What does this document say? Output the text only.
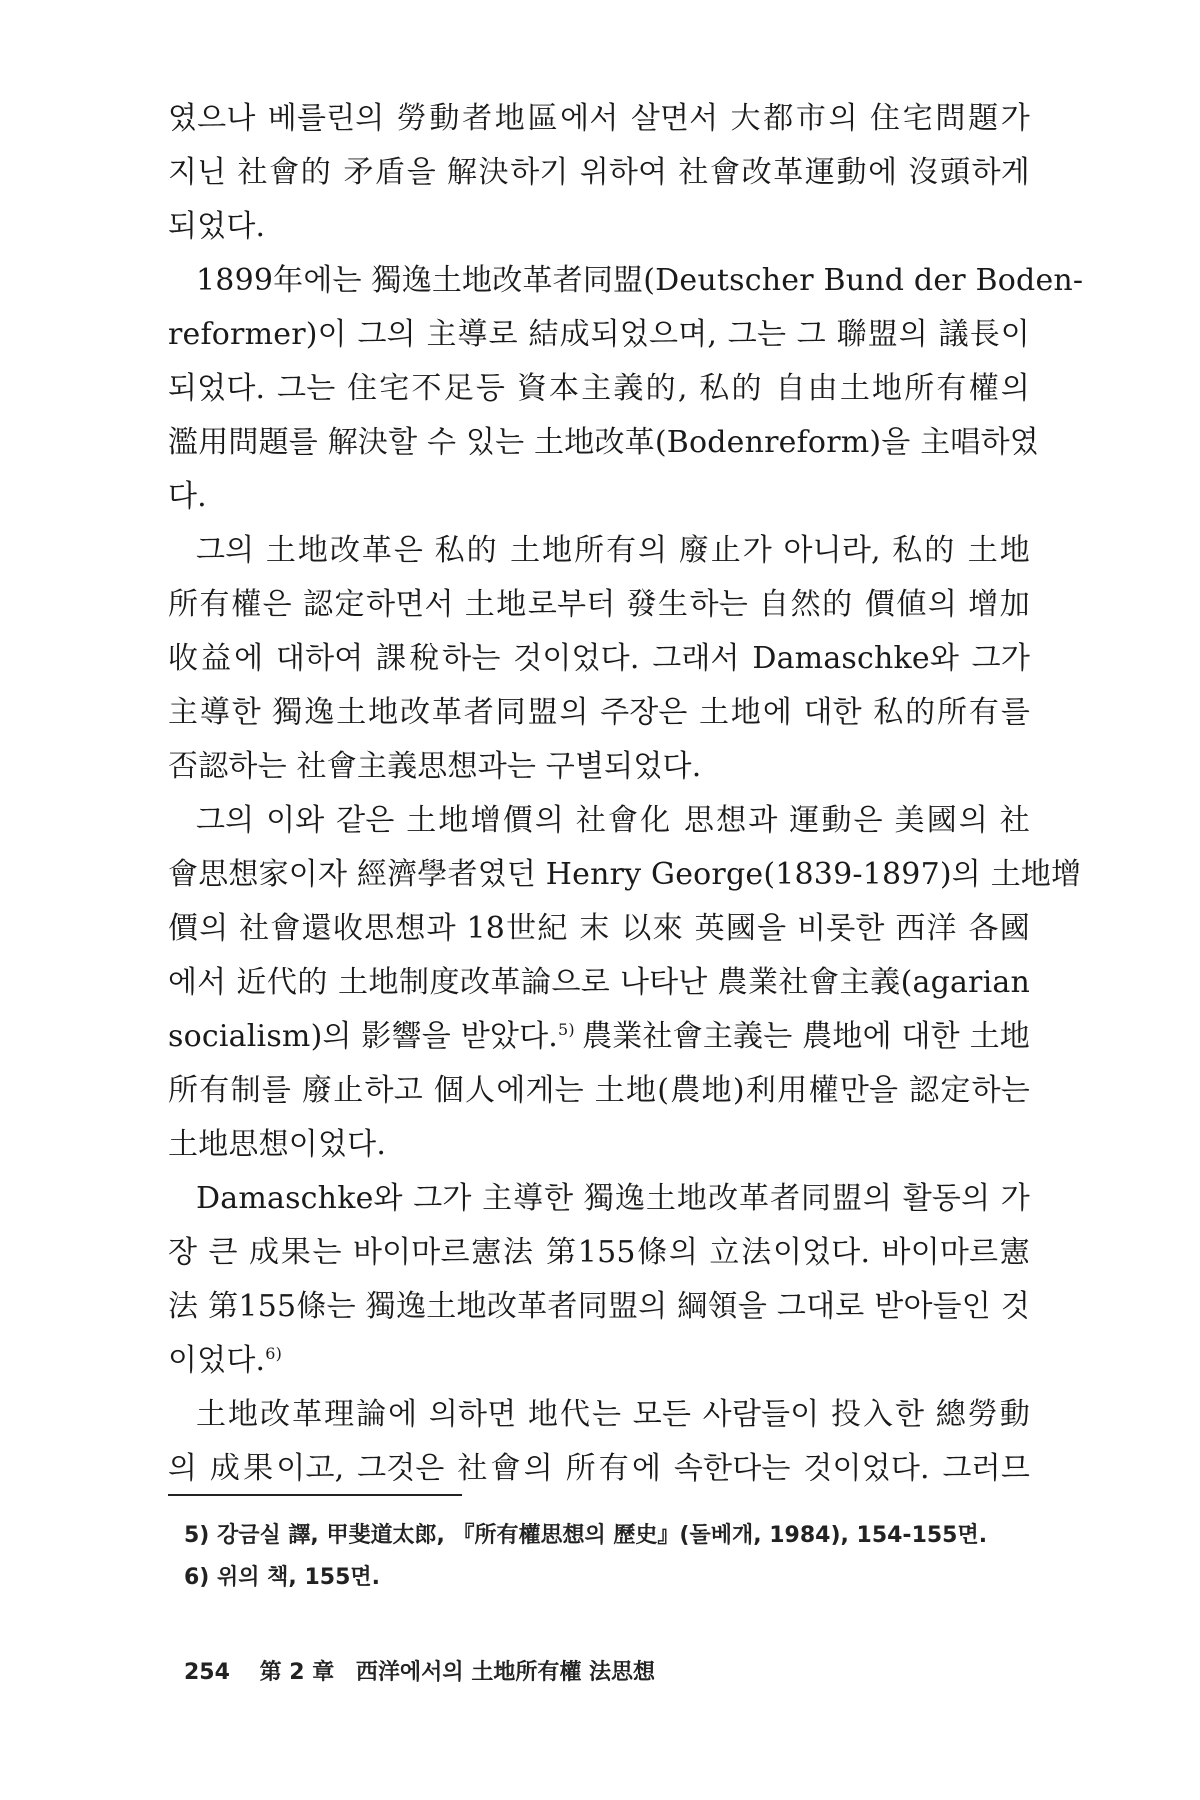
였으나 베를린의 勞動者地區에서 살면서 大都市의 住宅問題가
지닌 社會的 矛盾을 解決하기 위하여 社會改革運動에 沒頭하게
되었다.
1899年에는 獨逸土地改革者同盟(Deutscher Bund der Boden-
reformer)이 그의 主導로 結成되었으며, 그는 그 聯盟의 議長이
되었다. 그는 住宅不足등 資本主義的, 私的 自由土地所有權의
濫用問題를 解決할 수 있는 土地改革(Bodenreform)을 主唱하였
다.
그의 土地改革은 私的 土地所有의 廢止가 아니라, 私的 土地
所有權은 認定하면서 土地로부터 發生하는 自然的 價値의 增加
收益에 대하여 課稅하는 것이었다. 그래서 Damaschke와 그가
主導한 獨逸土地改革者同盟의 주장은 土地에 대한 私的所有를
否認하는 社會主義思想과는 구별되었다.
그의 이와 같은 土地增價의 社會化 思想과 運動은 美國의 社
會思想家이자 經濟學者였던 Henry George(1839-1897)의 土地增
價의 社會還收思想과 18世紀 末 以來 英國을 비롯한 西洋 各國
에서 近代的 土地制度改革論으로 나타난 農業社會主義(agarian
socialism)의 影響을 받았다.$^{5)}$ 農業社會主義는 農地에 대한 土地
所有制를 廢止하고 個人에게는 土地(農地)利用權만을 認定하는
土地思想이었다.
Damaschke와 그가 主導한 獨逸土地改革者同盟의 활동의 가
장 큰 成果는 바이마르憲法 第155條의 立法이었다. 바이마르憲
法 第155條는 獨逸土地改革者同盟의 綱領을 그대로 받아들인 것
이었다.$^{6)}$
土地改革理論에 의하면 地代는 모든 사람들이 投入한 總勞動
의 成果이고, 그것은 社會의 所有에 속한다는 것이었다. 그러므
5) 강금실 譯, 甲斐道太郎, 『所有權思想의 歷史』(돌베개, 1984), 154-155면.
6) 위의 책, 155면.
254 第 2 章 西洋에서의 土地所有權 法思想
